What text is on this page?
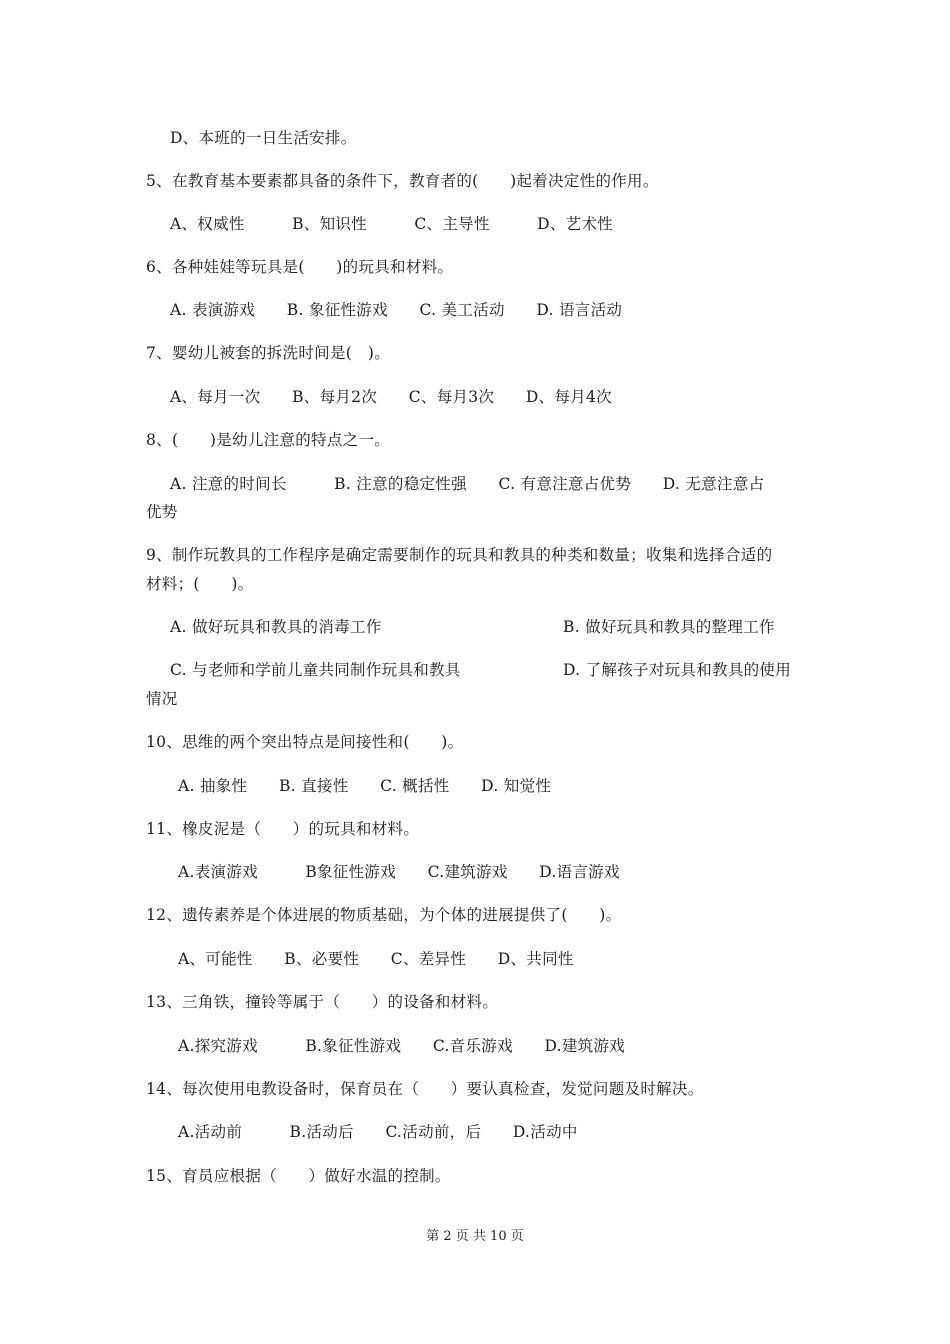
D、本班的一日生活安排。
5、在教育基本要素都具备的条件下，教育者的(　　)起着决定性的作用。
A、权威性　　　B、知识性　　　C、主导性　　　D、艺术性
6、各种娃娃等玩具是(　　)的玩具和材料。
A. 表演游戏　　B. 象征性游戏　　C. 美工活动　　D. 语言活动
7、婴幼儿被套的拆洗时间是(　)。
A、每月一次　　B、每月2次　　C、每月3次　　D、每月4次
8、(　　)是幼儿注意的特点之一。
A. 注意的时间长　　　B. 注意的稳定性强　　C. 有意注意占优势　　D. 无意注意占
优势
9、制作玩教具的工作程序是确定需要制作的玩具和教具的种类和数量；收集和选择合适的
材料；(　　)。
A. 做好玩具和教具的消毒工作	B. 做好玩具和教具的整理工作
C. 与老师和学前儿童共同制作玩具和教具	D. 了解孩子对玩具和教具的使用
情况
10、思维的两个突出特点是间接性和(　　)。
A. 抽象性　　B. 直接性　　C. 概括性　　D. 知觉性
11、橡皮泥是（　　）的玩具和材料。
A.表演游戏　　　B象征性游戏　　C.建筑游戏　　D.语言游戏
12、遗传素养是个体进展的物质基础，为个体的进展提供了(　　)。
A、可能性　　B、必要性　　C、差异性　　D、共同性
13、三角铁，撞铃等属于（　　）的设备和材料。
A.探究游戏　　　B.象征性游戏　　C.音乐游戏　　D.建筑游戏
14、每次使用电教设备时，保育员在（　　）要认真检查，发觉问题及时解决。
A.活动前　　　B.活动后　　C.活动前，后　　D.活动中
15、育员应根据（　　）做好水温的控制。
第 2 页 共 10 页
